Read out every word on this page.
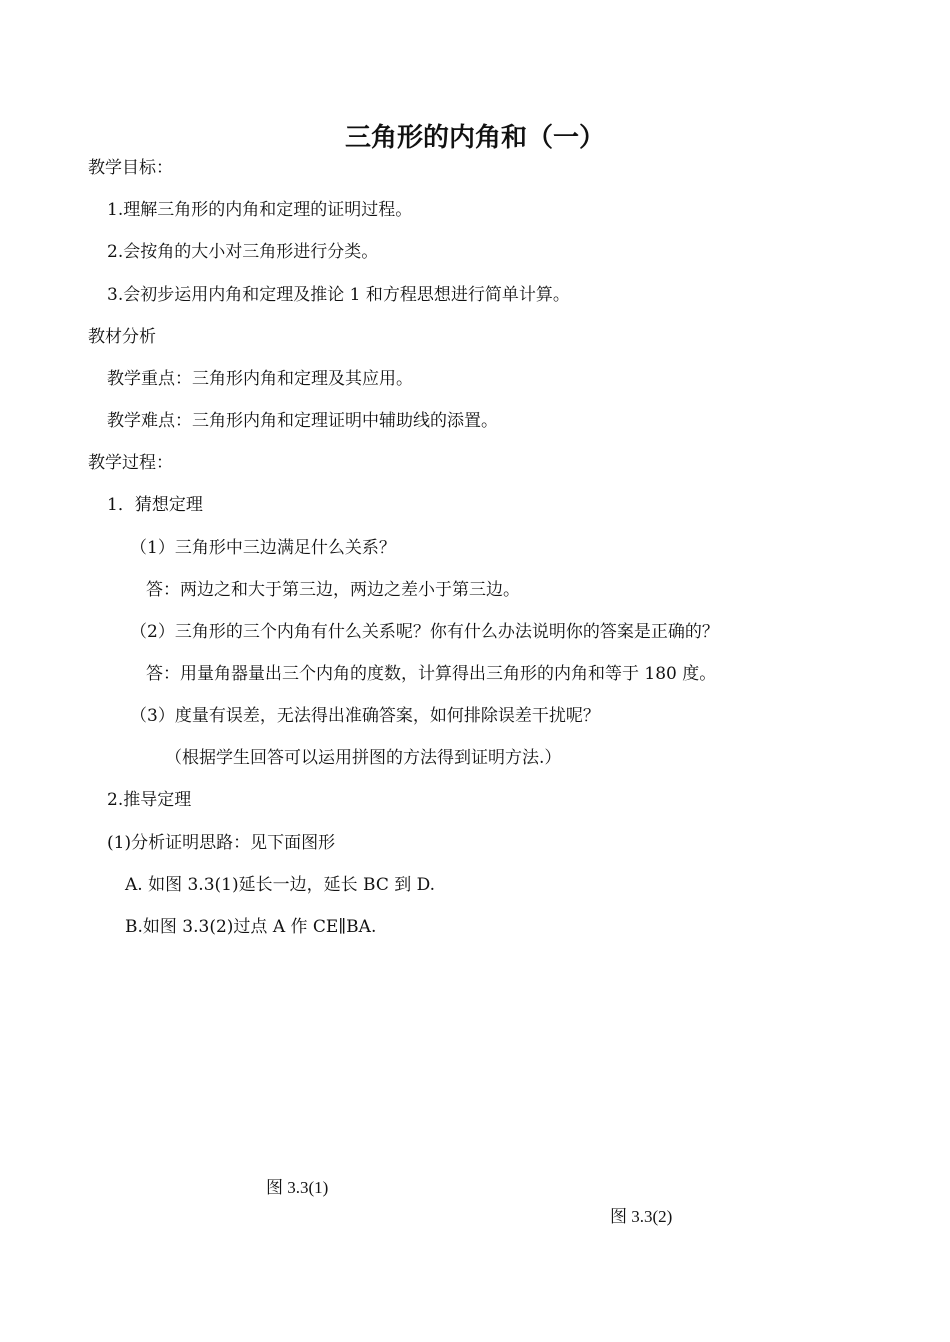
三角形的内角和（一）
教学目标：
1.理解三角形的内角和定理的证明过程。
2.会按角的大小对三角形进行分类。
3.会初步运用内角和定理及推论 1 和方程思想进行简单计算。
教材分析
教学重点：三角形内角和定理及其应用。
教学难点：三角形内角和定理证明中辅助线的添置。
教学过程：
1．猜想定理
（1）三角形中三边满足什么关系？
答：两边之和大于第三边，两边之差小于第三边。
（2）三角形的三个内角有什么关系呢？你有什么办法说明你的答案是正确的？
答：用量角器量出三个内角的度数，计算得出三角形的内角和等于 180 度。
（3）度量有误差，无法得出准确答案，如何排除误差干扰呢？
（根据学生回答可以运用拼图的方法得到证明方法.）
2.推导定理
(1)分析证明思路：见下面图形
A. 如图 3.3(1)延长一边，延长 BC 到 D.
B.如图 3.3(2)过点 A 作 CE∥BA.
图 3.3(1)
图 3.3(2)
